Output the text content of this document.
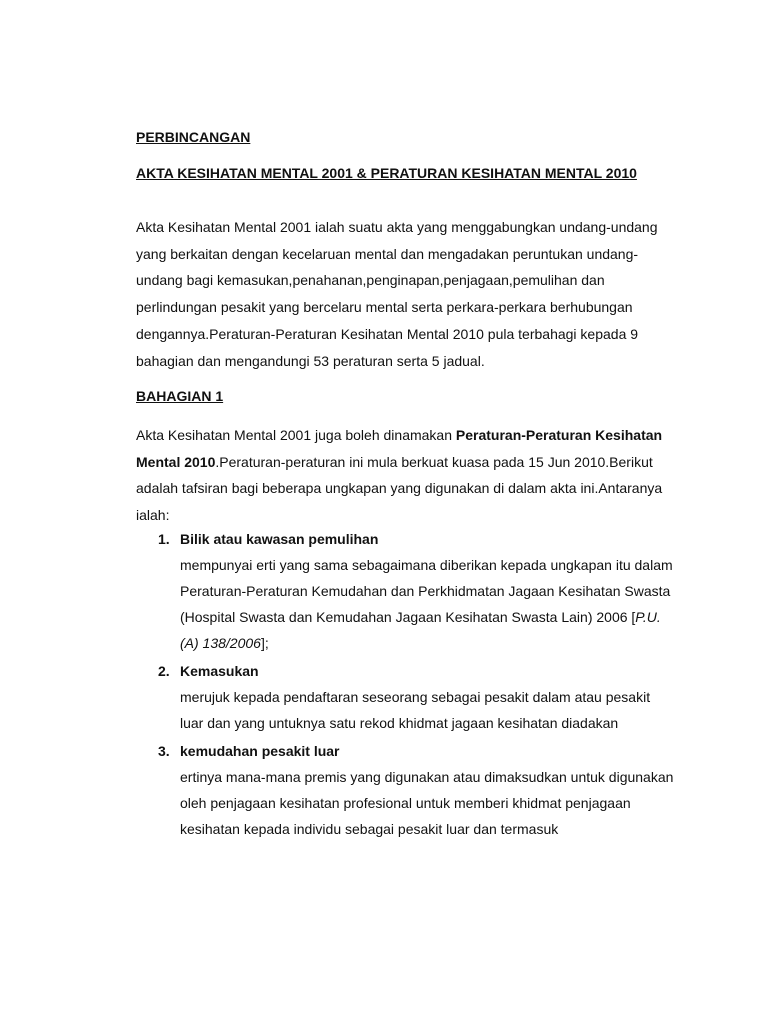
PERBINCANGAN

AKTA KESIHATAN MENTAL 2001 & PERATURAN KESIHATAN MENTAL 2010

Akta Kesihatan Mental 2001 ialah suatu akta yang menggabungkan undang-undang yang berkaitan dengan kecelaruan mental dan mengadakan peruntukan undang-undang bagi kemasukan,penahanan,penginapan,penjagaan,pemulihan dan perlindungan pesakit yang bercelaru mental serta perkara-perkara berhubungan dengannya.Peraturan-Peraturan Kesihatan Mental 2010 pula terbahagi kepada 9 bahagian dan mengandungi 53 peraturan serta 5 jadual.

BAHAGIAN 1

Akta Kesihatan Mental 2001 juga boleh dinamakan Peraturan-Peraturan Kesihatan Mental 2010.Peraturan-peraturan ini mula berkuat kuasa pada 15 Jun 2010.Berikut adalah tafsiran bagi beberapa ungkapan yang digunakan di dalam akta ini.Antaranya ialah:

1. Bilik atau kawasan pemulihan
mempunyai erti yang sama sebagaimana diberikan kepada ungkapan itu dalam Peraturan-Peraturan Kemudahan dan Perkhidmatan Jagaan Kesihatan Swasta (Hospital Swasta dan Kemudahan Jagaan Kesihatan Swasta Lain) 2006 [P.U. (A) 138/2006];
2. Kemasukan
merujuk kepada pendaftaran seseorang sebagai pesakit dalam atau pesakit luar dan yang untuknya satu rekod khidmat jagaan kesihatan diadakan
3. kemudahan pesakit luar
ertinya mana-mana premis yang digunakan atau dimaksudkan untuk digunakan oleh penjagaan kesihatan profesional untuk memberi khidmat penjagaan kesihatan kepada individu sebagai pesakit luar dan termasuk
